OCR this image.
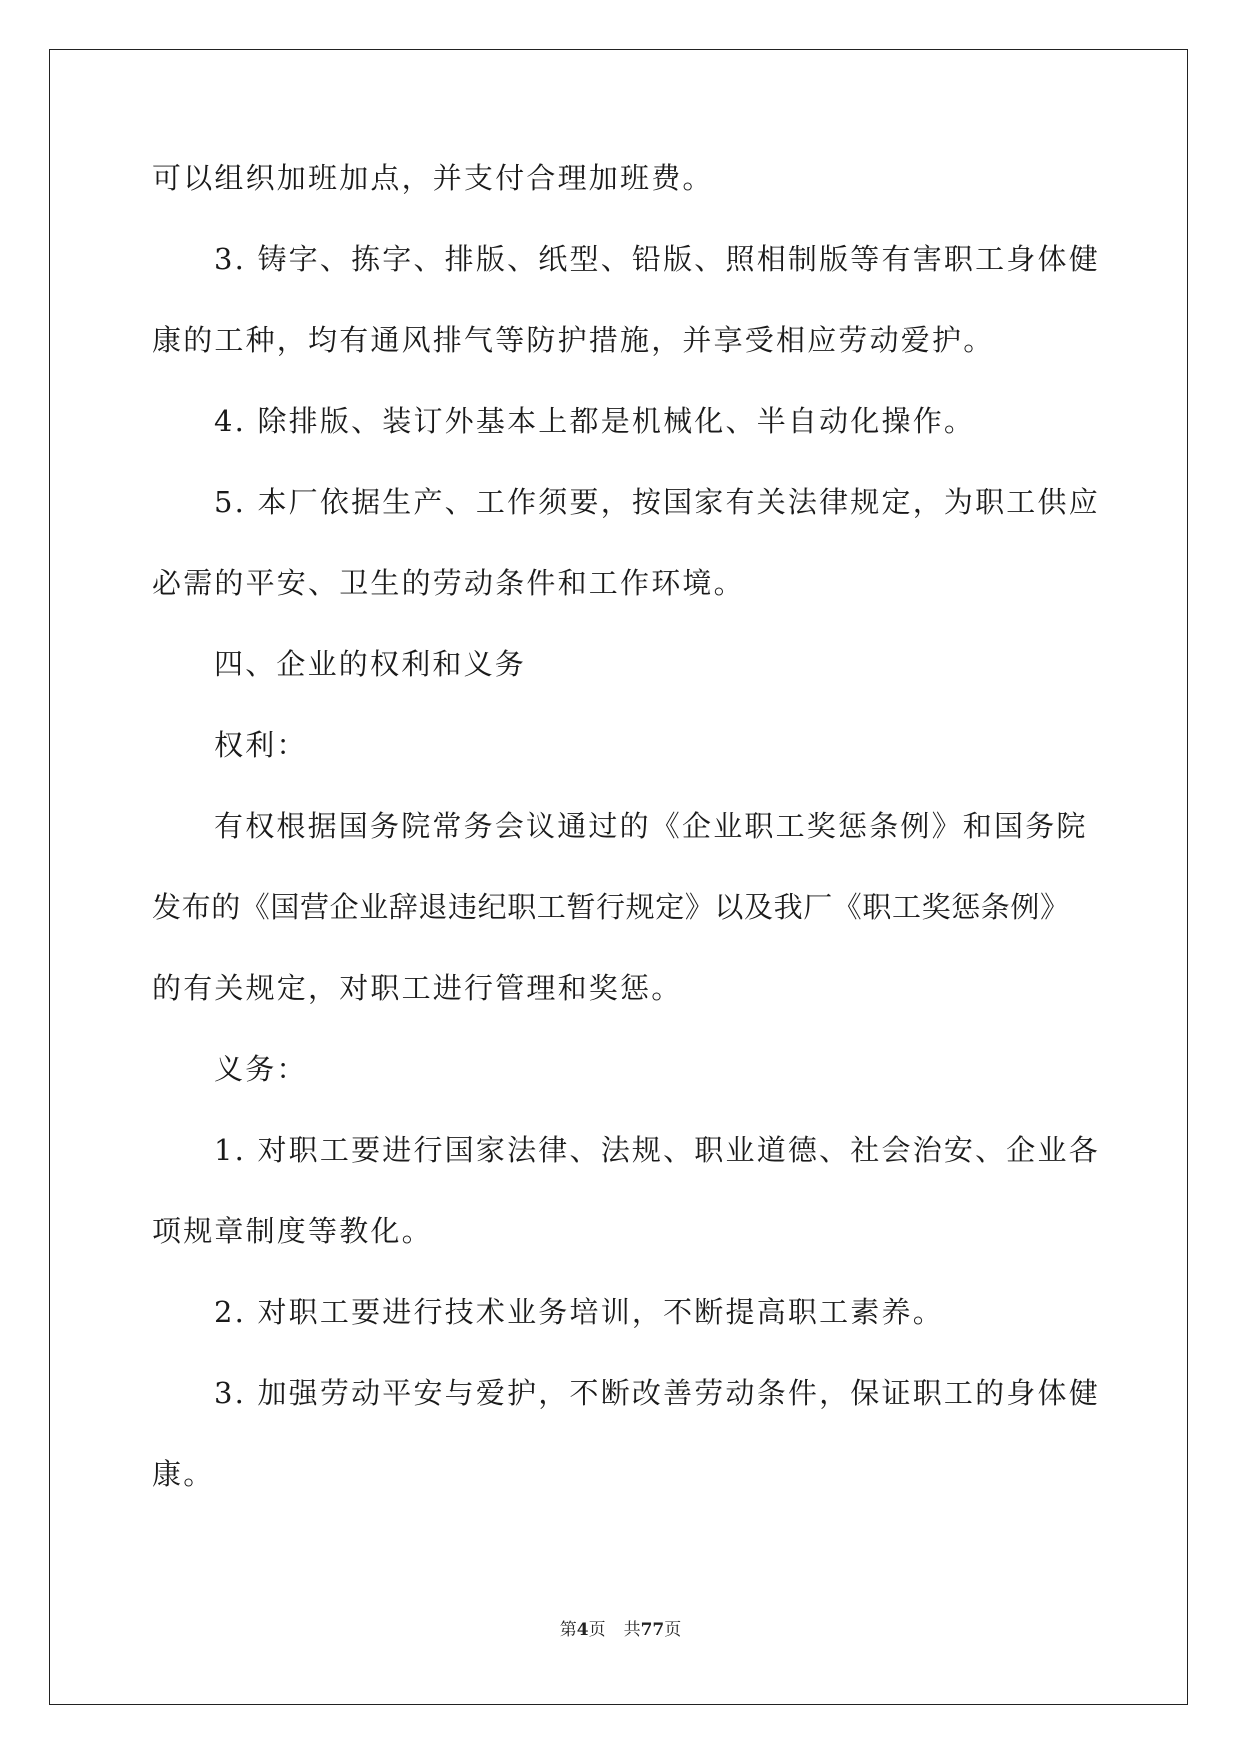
可以组织加班加点，并支付合理加班费。
3. 铸字、拣字、排版、纸型、铅版、照相制版等有害职工身体健
康的工种，均有通风排气等防护措施，并享受相应劳动爱护。
4. 除排版、装订外基本上都是机械化、半自动化操作。
5. 本厂依据生产、工作须要，按国家有关法律规定，为职工供应
必需的平安、卫生的劳动条件和工作环境。
四、企业的权利和义务
权利：
有权根据国务院常务会议通过的《企业职工奖惩条例》和国务院
发布的《国营企业辞退违纪职工暂行规定》以及我厂《职工奖惩条例》
的有关规定，对职工进行管理和奖惩。
义务：
1. 对职工要进行国家法律、法规、职业道德、社会治安、企业各
项规章制度等教化。
2. 对职工要进行技术业务培训，不断提高职工素养。
3. 加强劳动平安与爱护，不断改善劳动条件，保证职工的身体健
康。
第4页 共77页
